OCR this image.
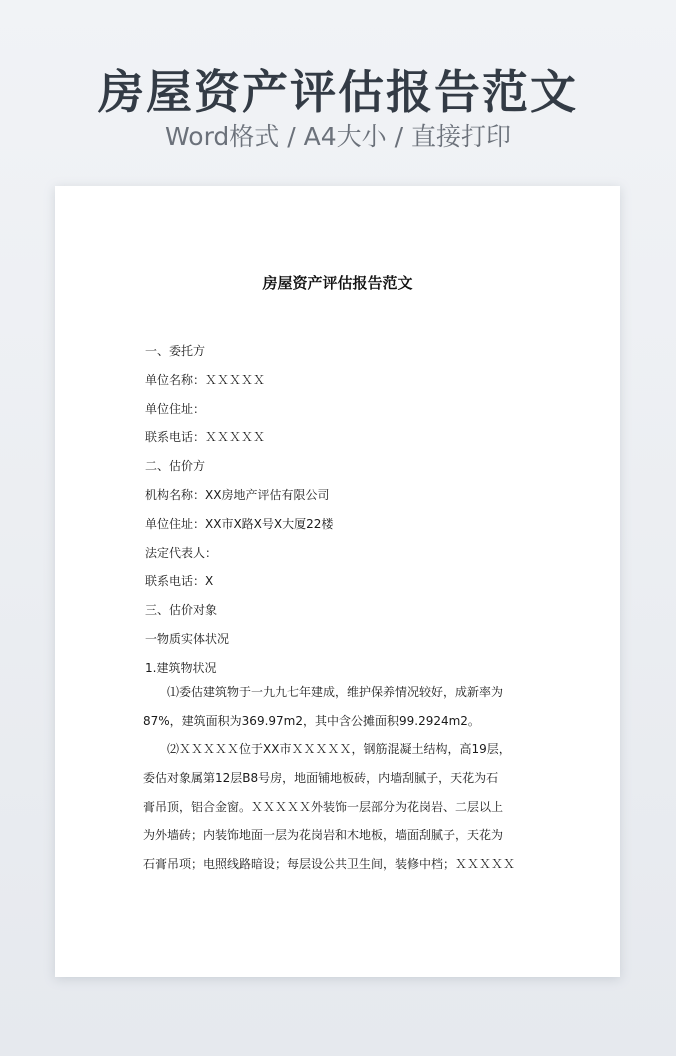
房屋资产评估报告范文
Word格式 / A4大小 / 直接打印
房屋资产评估报告范文
一、委托方
单位名称：ＸＸＸＸＸ
单位住址：
联系电话：ＸＸＸＸＸ
二、估价方
机构名称：XX房地产评估有限公司
单位住址：XX市X路X号X大厦22楼
法定代表人：
联系电话：X
三、估价对象
一物质实体状况
1.建筑物状况
⑴委估建筑物于一九九七年建成，维护保养情况较好，成新率为
87%，建筑面积为369.97m2，其中含公摊面积99.2924m2。
⑵ＸＸＸＸＸ位于XX市ＸＸＸＸＸ，钢筋混凝土结构，高19层，
委估对象属第12层B8号房，地面铺地板砖，内墙刮腻子，天花为石
膏吊顶，铝合金窗。ＸＸＸＸＸ外装饰一层部分为花岗岩、二层以上
为外墙砖；内装饰地面一层为花岗岩和木地板，墙面刮腻子，天花为
石膏吊项；电照线路暗设；每层设公共卫生间，装修中档；ＸＸＸＸＸ
